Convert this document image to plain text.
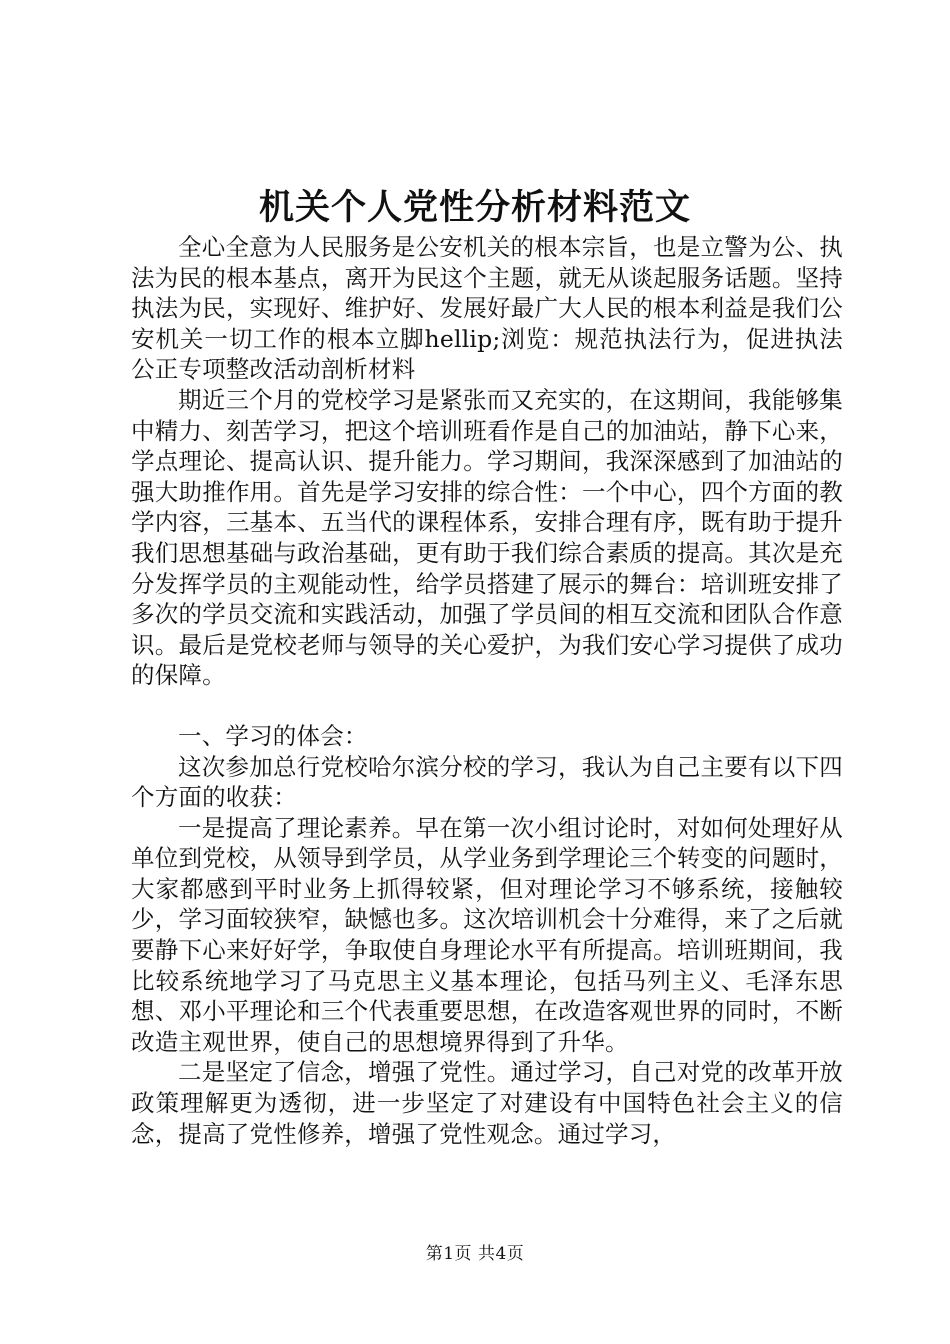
机关个人党性分析材料范文

全心全意为人民服务是公安机关的根本宗旨，也是立警为公、执法为民的根本基点，离开为民这个主题，就无从谈起服务话题。坚持执法为民，实现好、维护好、发展好最广大人民的根本利益是我们公安机关一切工作的根本立脚hellip;浏览：规范执法行为，促进执法公正专项整改活动剖析材料

期近三个月的党校学习是紧张而又充实的，在这期间，我能够集中精力、刻苦学习，把这个培训班看作是自己的加油站，静下心来，学点理论、提高认识、提升能力。学习期间，我深深感到了加油站的强大助推作用。首先是学习安排的综合性：一个中心，四个方面的教学内容，三基本、五当代的课程体系，安排合理有序，既有助于提升我们思想基础与政治基础，更有助于我们综合素质的提高。其次是充分发挥学员的主观能动性，给学员搭建了展示的舞台：培训班安排了多次的学员交流和实践活动，加强了学员间的相互交流和团队合作意识。最后是党校老师与领导的关心爱护，为我们安心学习提供了成功的保障。

一、学习的体会：

这次参加总行党校哈尔滨分校的学习，我认为自己主要有以下四个方面的收获：

一是提高了理论素养。早在第一次小组讨论时，对如何处理好从单位到党校，从领导到学员，从学业务到学理论三个转变的问题时，大家都感到平时业务上抓得较紧，但对理论学习不够系统，接触较少，学习面较狭窄，缺憾也多。这次培训机会十分难得，来了之后就要静下心来好好学，争取使自身理论水平有所提高。培训班期间，我比较系统地学习了马克思主义基本理论，包括马列主义、毛泽东思想、邓小平理论和三个代表重要思想，在改造客观世界的同时，不断改造主观世界，使自己的思想境界得到了升华。

二是坚定了信念，增强了党性。通过学习，自己对党的改革开放政策理解更为透彻，进一步坚定了对建设有中国特色社会主义的信念，提高了党性修养，增强了党性观念。通过学习，

第1页 共4页
